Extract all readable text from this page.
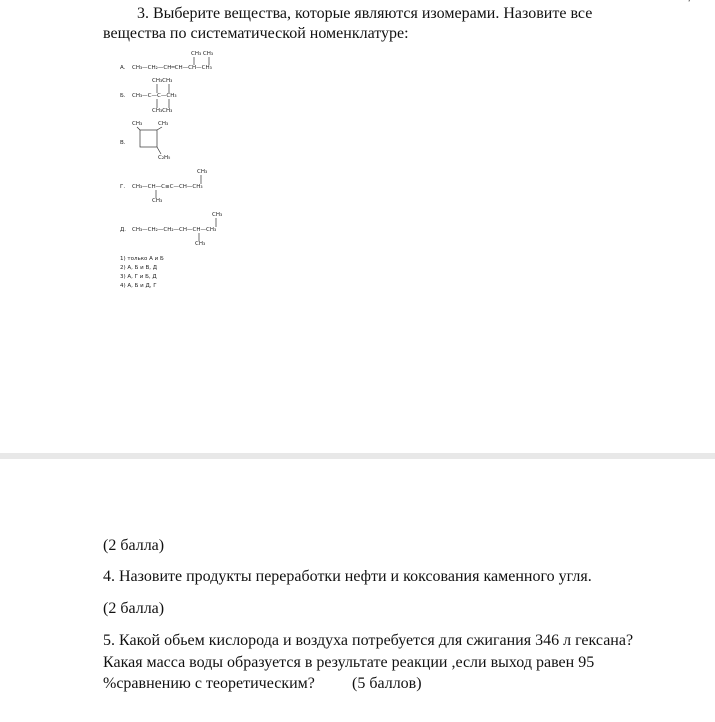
3. Выберите вещества, которые являются изомерами. Назовите все
вещества по систематической номенклатуре:
CH₃ CH₃
А. CH₃—CH₂—CH═CH—CH—CH₃
CH₃CH₃
Б. CH₃—C—C—CH₃
CH₃CH₃
CH₃	CH₃
В.
C₂H₅
CH₃
Г. CH₃—CH—C≡C—CH—CH₃
CH₃
CH₃
Д. CH₃—CH₂—CH₂—CH—CH—CH₃
CH₃
1) только А и Б
2) А, Б и В, Д
3) А, Г и Б, Д
4) А, Б и Д, Г
(2 балла)
4. Назовите продукты переработки нефти и коксования каменного угля.
(2 балла)
5. Какой обьем кислорода и воздуха потребуется для сжигания 346 л гексана?
Какая масса воды образуется в результате реакции ,если выход равен 95
%сравнению с теоретическим? (5 баллов)
